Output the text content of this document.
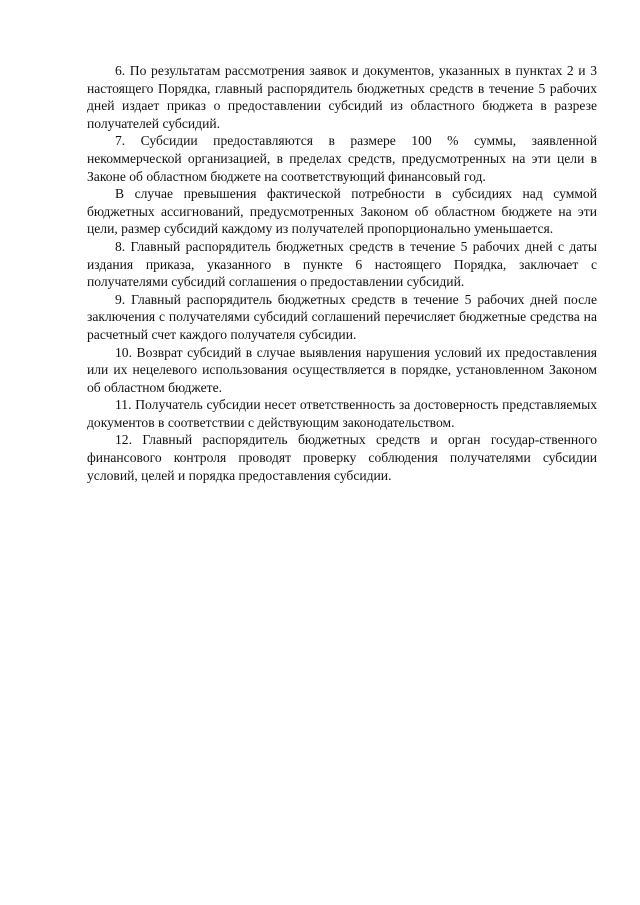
6. По результатам рассмотрения заявок и документов, указанных в пунктах 2 и 3 настоящего Порядка, главный распорядитель бюджетных средств в течение 5 рабочих дней издает приказ о предоставлении субсидий из областного бюджета в разрезе получателей субсидий.

7. Субсидии предоставляются в размере 100 % суммы, заявленной некоммерческой организацией, в пределах средств, предусмотренных на эти цели в Законе об областном бюджете на соответствующий финансовый год.

В случае превышения фактической потребности в субсидиях над суммой бюджетных ассигнований, предусмотренных Законом об областном бюджете на эти цели, размер субсидий каждому из получателей пропорционально уменьшается.

8. Главный распорядитель бюджетных средств в течение 5 рабочих дней с даты издания приказа, указанного в пункте 6 настоящего Порядка, заключает с получателями субсидий соглашения о предоставлении субсидий.

9. Главный распорядитель бюджетных средств в течение 5 рабочих дней после заключения с получателями субсидий соглашений перечисляет бюджетные средства на расчетный счет каждого получателя субсидии.

10. Возврат субсидий в случае выявления нарушения условий их предоставления или их нецелевого использования осуществляется в порядке, установленном Законом об областном бюджете.

11. Получатель субсидии несет ответственность за достоверность представляемых документов в соответствии с действующим законодательством.

12. Главный распорядитель бюджетных средств и орган государ-ственного финансового контроля проводят проверку соблюдения получателями субсидии условий, целей и порядка предоставления субсидии.
